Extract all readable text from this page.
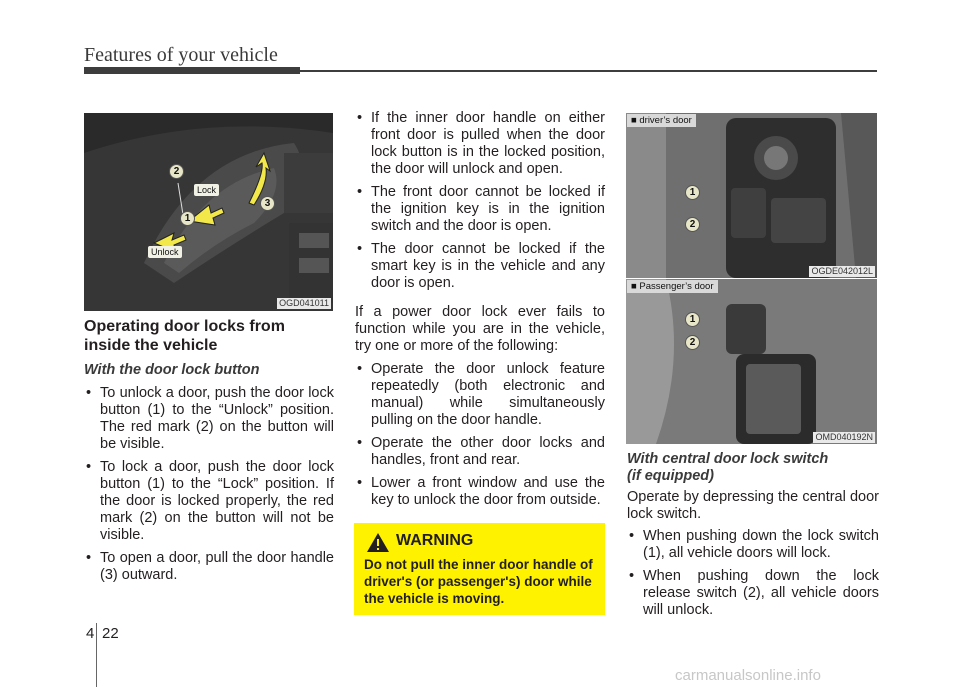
Features of your vehicle
2
1
3
Lock
Unlock
OGD041011
Operating door locks from inside the vehicle
With the door lock button
• To unlock a door, push the door lock button (1) to the “Unlock” position. The red mark (2) on the button will be visible.
• To lock a door, push the door lock button (1) to the “Lock” position. If the door is locked properly, the red mark (2) on the button will not be visible.
• To open a door, pull the door handle (3) outward.
• If the inner door handle on either front door is pulled when the door lock button is in the locked position, the door will unlock and open.
• The front door cannot be locked if the ignition key is in the ignition switch and the door is open.
• The door cannot be locked if the smart key is in the vehicle and any door is open.

If a power door lock ever fails to function while you are in the vehicle, try one or more of the following:

• Operate the door unlock feature repeatedly (both electronic and manual) while simultaneously pulling on the door handle.
• Operate the other door locks and handles, front and rear.
• Lower a front window and use the key to unlock the door from outside.
WARNING
Do not pull the inner door handle of driver's (or passenger's) door while the vehicle is moving.
■ driver’s door
1
2
OGDE042012L
■ Passenger’s door
1
2
OMD040192N
With central door lock switch
(if equipped)

Operate by depressing the central door lock switch.

• When pushing down the lock switch (1), all vehicle doors will lock.
• When pushing down the lock release switch (2), all vehicle doors will unlock.
4 22
carmanualsonline.info
